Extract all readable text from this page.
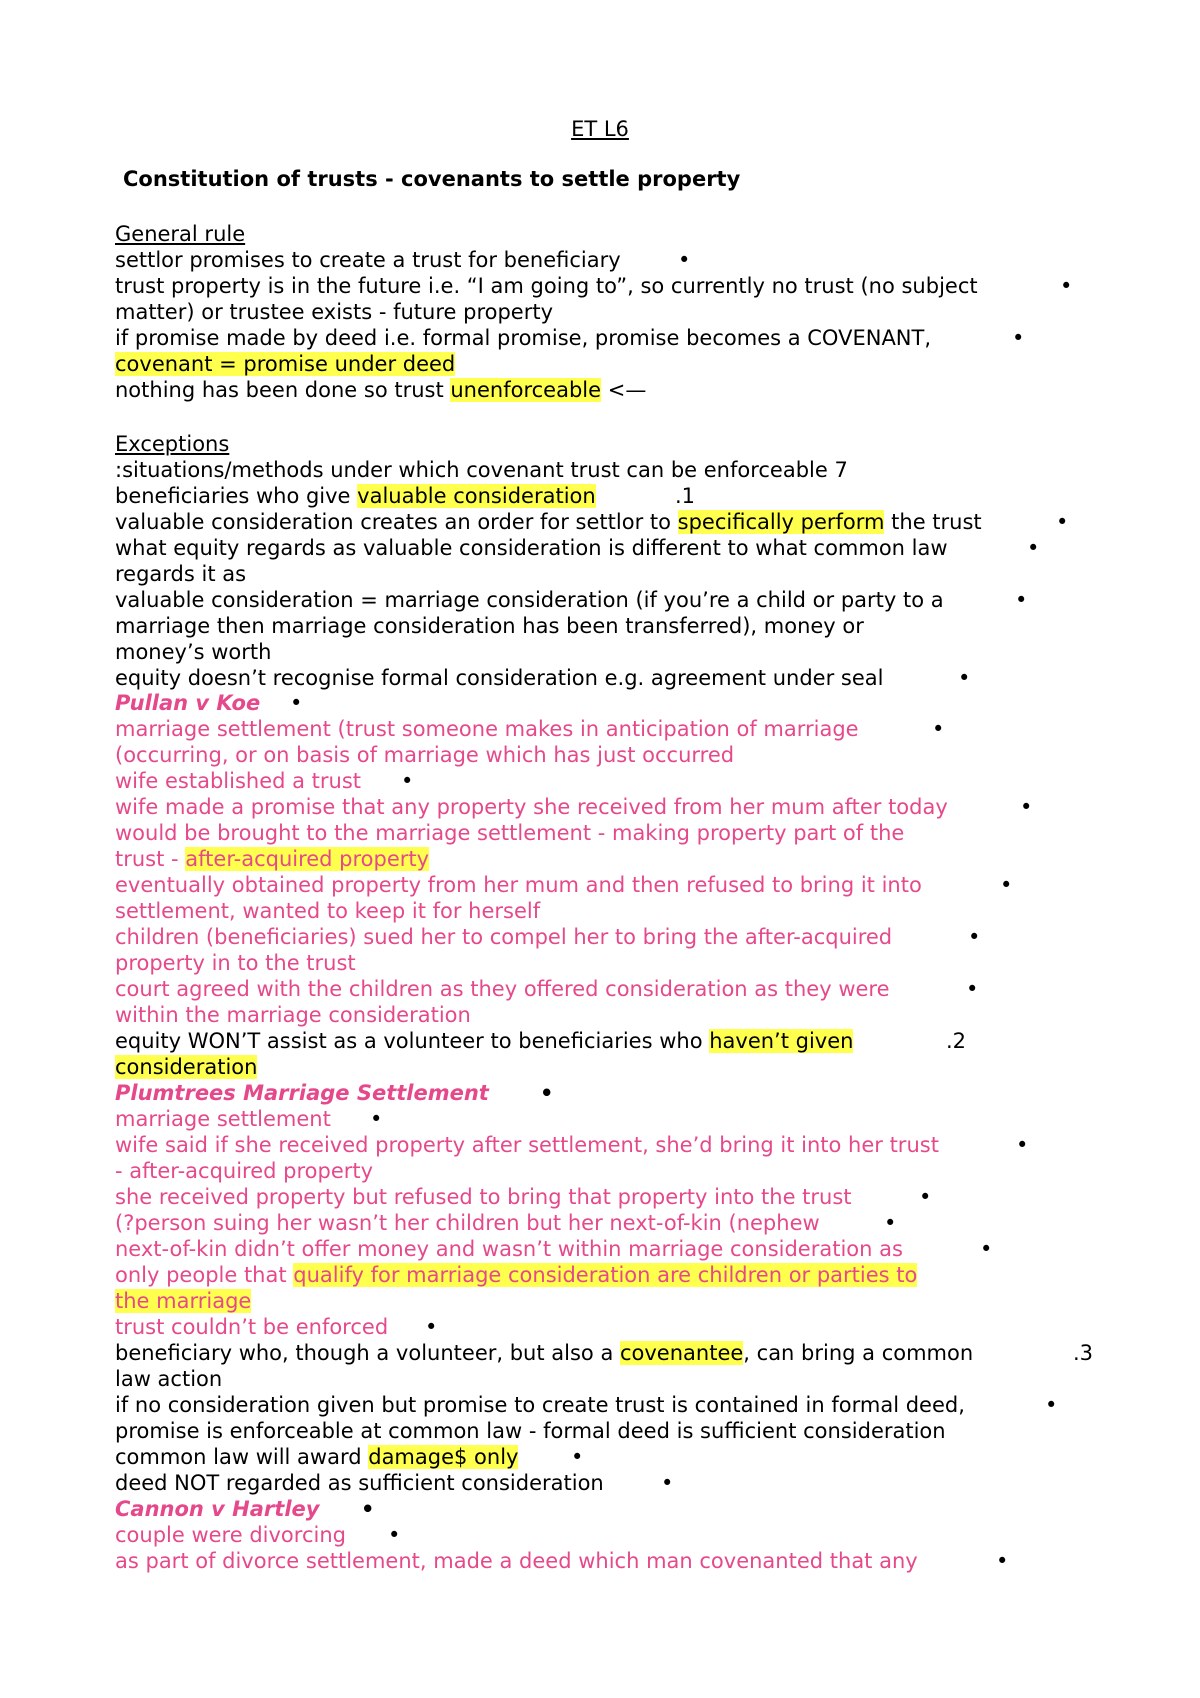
ET L6
Constitution of trusts - covenants to settle property
General rule
settlor promises to create a trust for beneficiary	•
trust property is in the future i.e. “I am going to”, so currently no trust (no subject	•
matter) or trustee exists - future property
if promise made by deed i.e. formal promise, promise becomes a COVENANT,	•
covenant = promise under deed
nothing has been done so trust unenforceable <—
Exceptions
:situations/methods under which covenant trust can be enforceable 7
beneficiaries who give valuable consideration	.1
valuable consideration creates an order for settlor to specifically perform the trust	•
what equity regards as valuable consideration is different to what common law	•
regards it as
valuable consideration = marriage consideration (if you’re a child or party to a	•
marriage then marriage consideration has been transferred), money or
money’s worth
equity doesn’t recognise formal consideration e.g. agreement under seal	•
Pullan v Koe •
marriage settlement (trust someone makes in anticipation of marriage	•
(occurring, or on basis of marriage which has just occurred
wife established a trust •
wife made a promise that any property she received from her mum after today	•
would be brought to the marriage settlement - making property part of the
trust - after-acquired property
eventually obtained property from her mum and then refused to bring it into	•
settlement, wanted to keep it for herself
children (beneficiaries) sued her to compel her to bring the after-acquired	•
property in to the trust
court agreed with the children as they offered consideration as they were	•
within the marriage consideration
equity WON’T assist as a volunteer to beneficiaries who haven’t given	.2
consideration
Plumtrees Marriage Settlement •
marriage settlement •
wife said if she received property after settlement, she’d bring it into her trust	•
- after-acquired property
she received property but refused to bring that property into the trust	•
(?person suing her wasn’t her children but her next-of-kin (nephew	•
next-of-kin didn’t offer money and wasn’t within marriage consideration as	•
only people that qualify for marriage consideration are children or parties to
the marriage
trust couldn’t be enforced •
beneficiary who, though a volunteer, but also a covenantee, can bring a common	.3
law action
if no consideration given but promise to create trust is contained in formal deed,	•
promise is enforceable at common law - formal deed is sufficient consideration
common law will award damage$ only	•
deed NOT regarded as sufficient consideration	•
Cannon v Hartley •
couple were divorcing •
as part of divorce settlement, made a deed which man covenanted that any	•
